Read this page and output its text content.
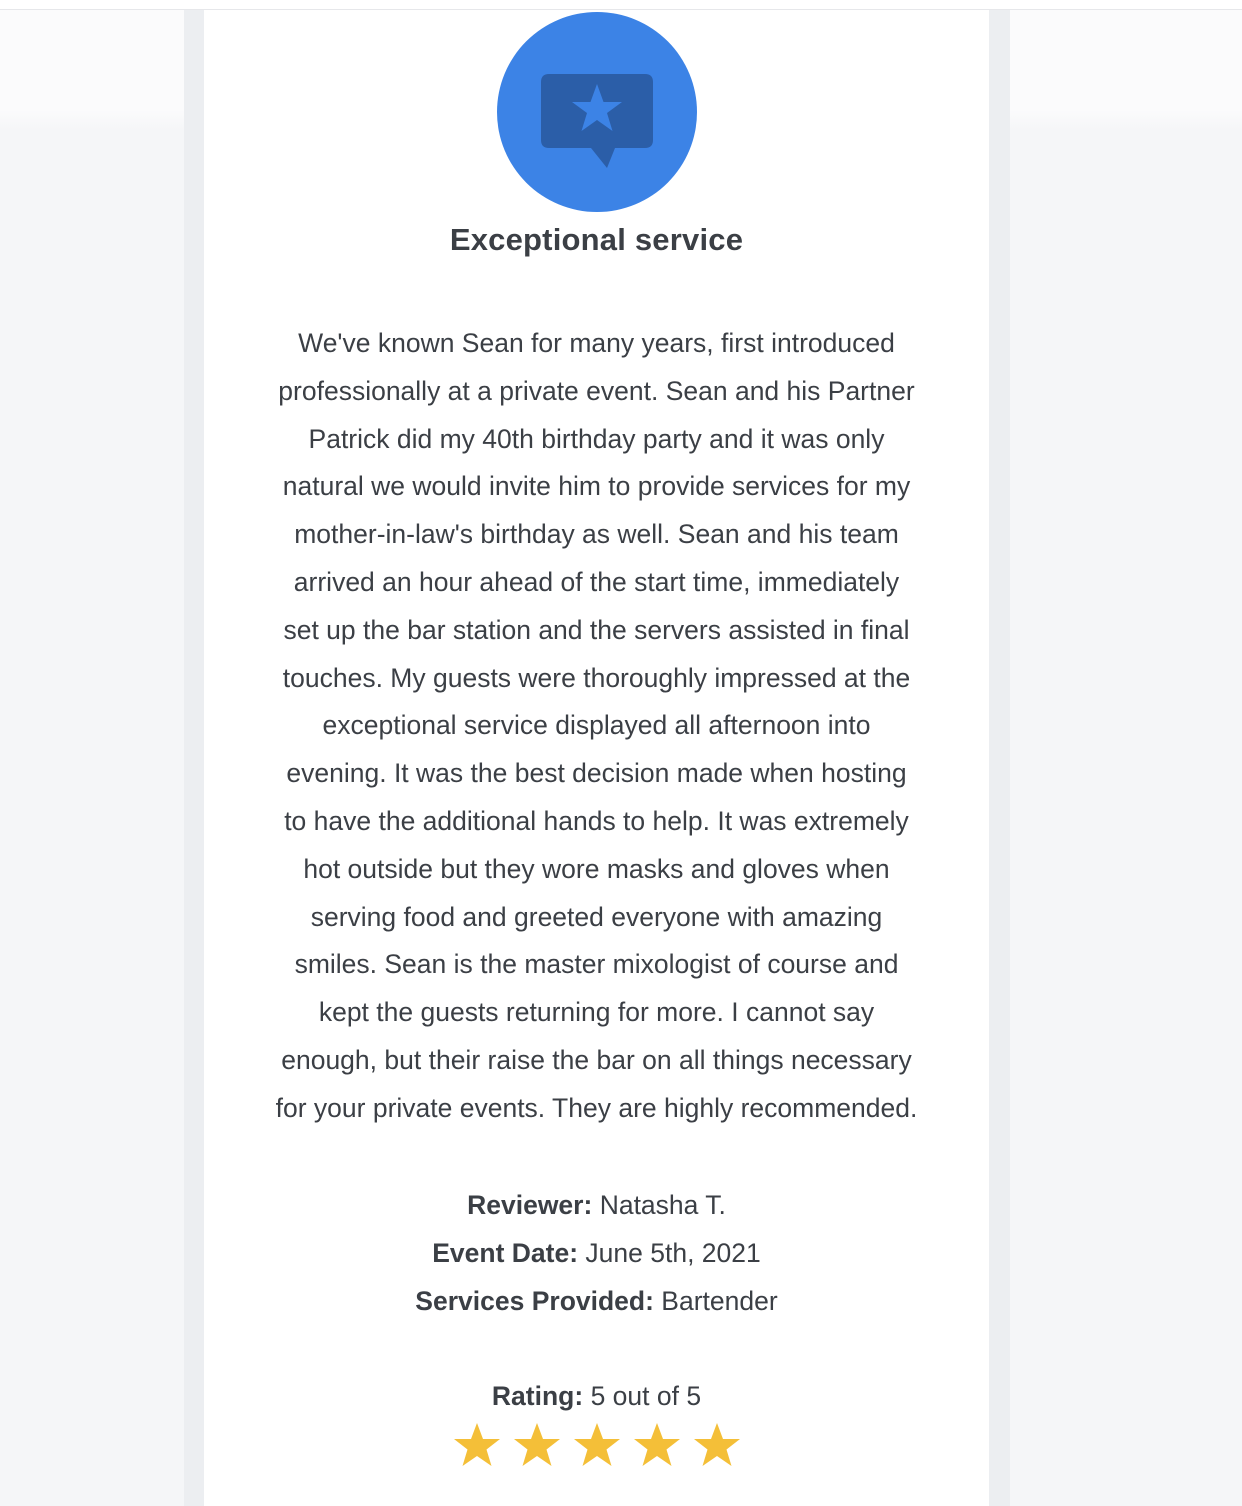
Exceptional service
We've known Sean for many years, first introduced
professionally at a private event. Sean and his Partner
Patrick did my 40th birthday party and it was only
natural we would invite him to provide services for my
mother-in-law's birthday as well. Sean and his team
arrived an hour ahead of the start time, immediately
set up the bar station and the servers assisted in final
touches. My guests were thoroughly impressed at the
exceptional service displayed all afternoon into
evening. It was the best decision made when hosting
to have the additional hands to help. It was extremely
hot outside but they wore masks and gloves when
serving food and greeted everyone with amazing
smiles. Sean is the master mixologist of course and
kept the guests returning for more. I cannot say
enough, but their raise the bar on all things necessary
for your private events. They are highly recommended.
Reviewer: Natasha T.
Event Date: June 5th, 2021
Services Provided: Bartender
Rating: 5 out of 5
